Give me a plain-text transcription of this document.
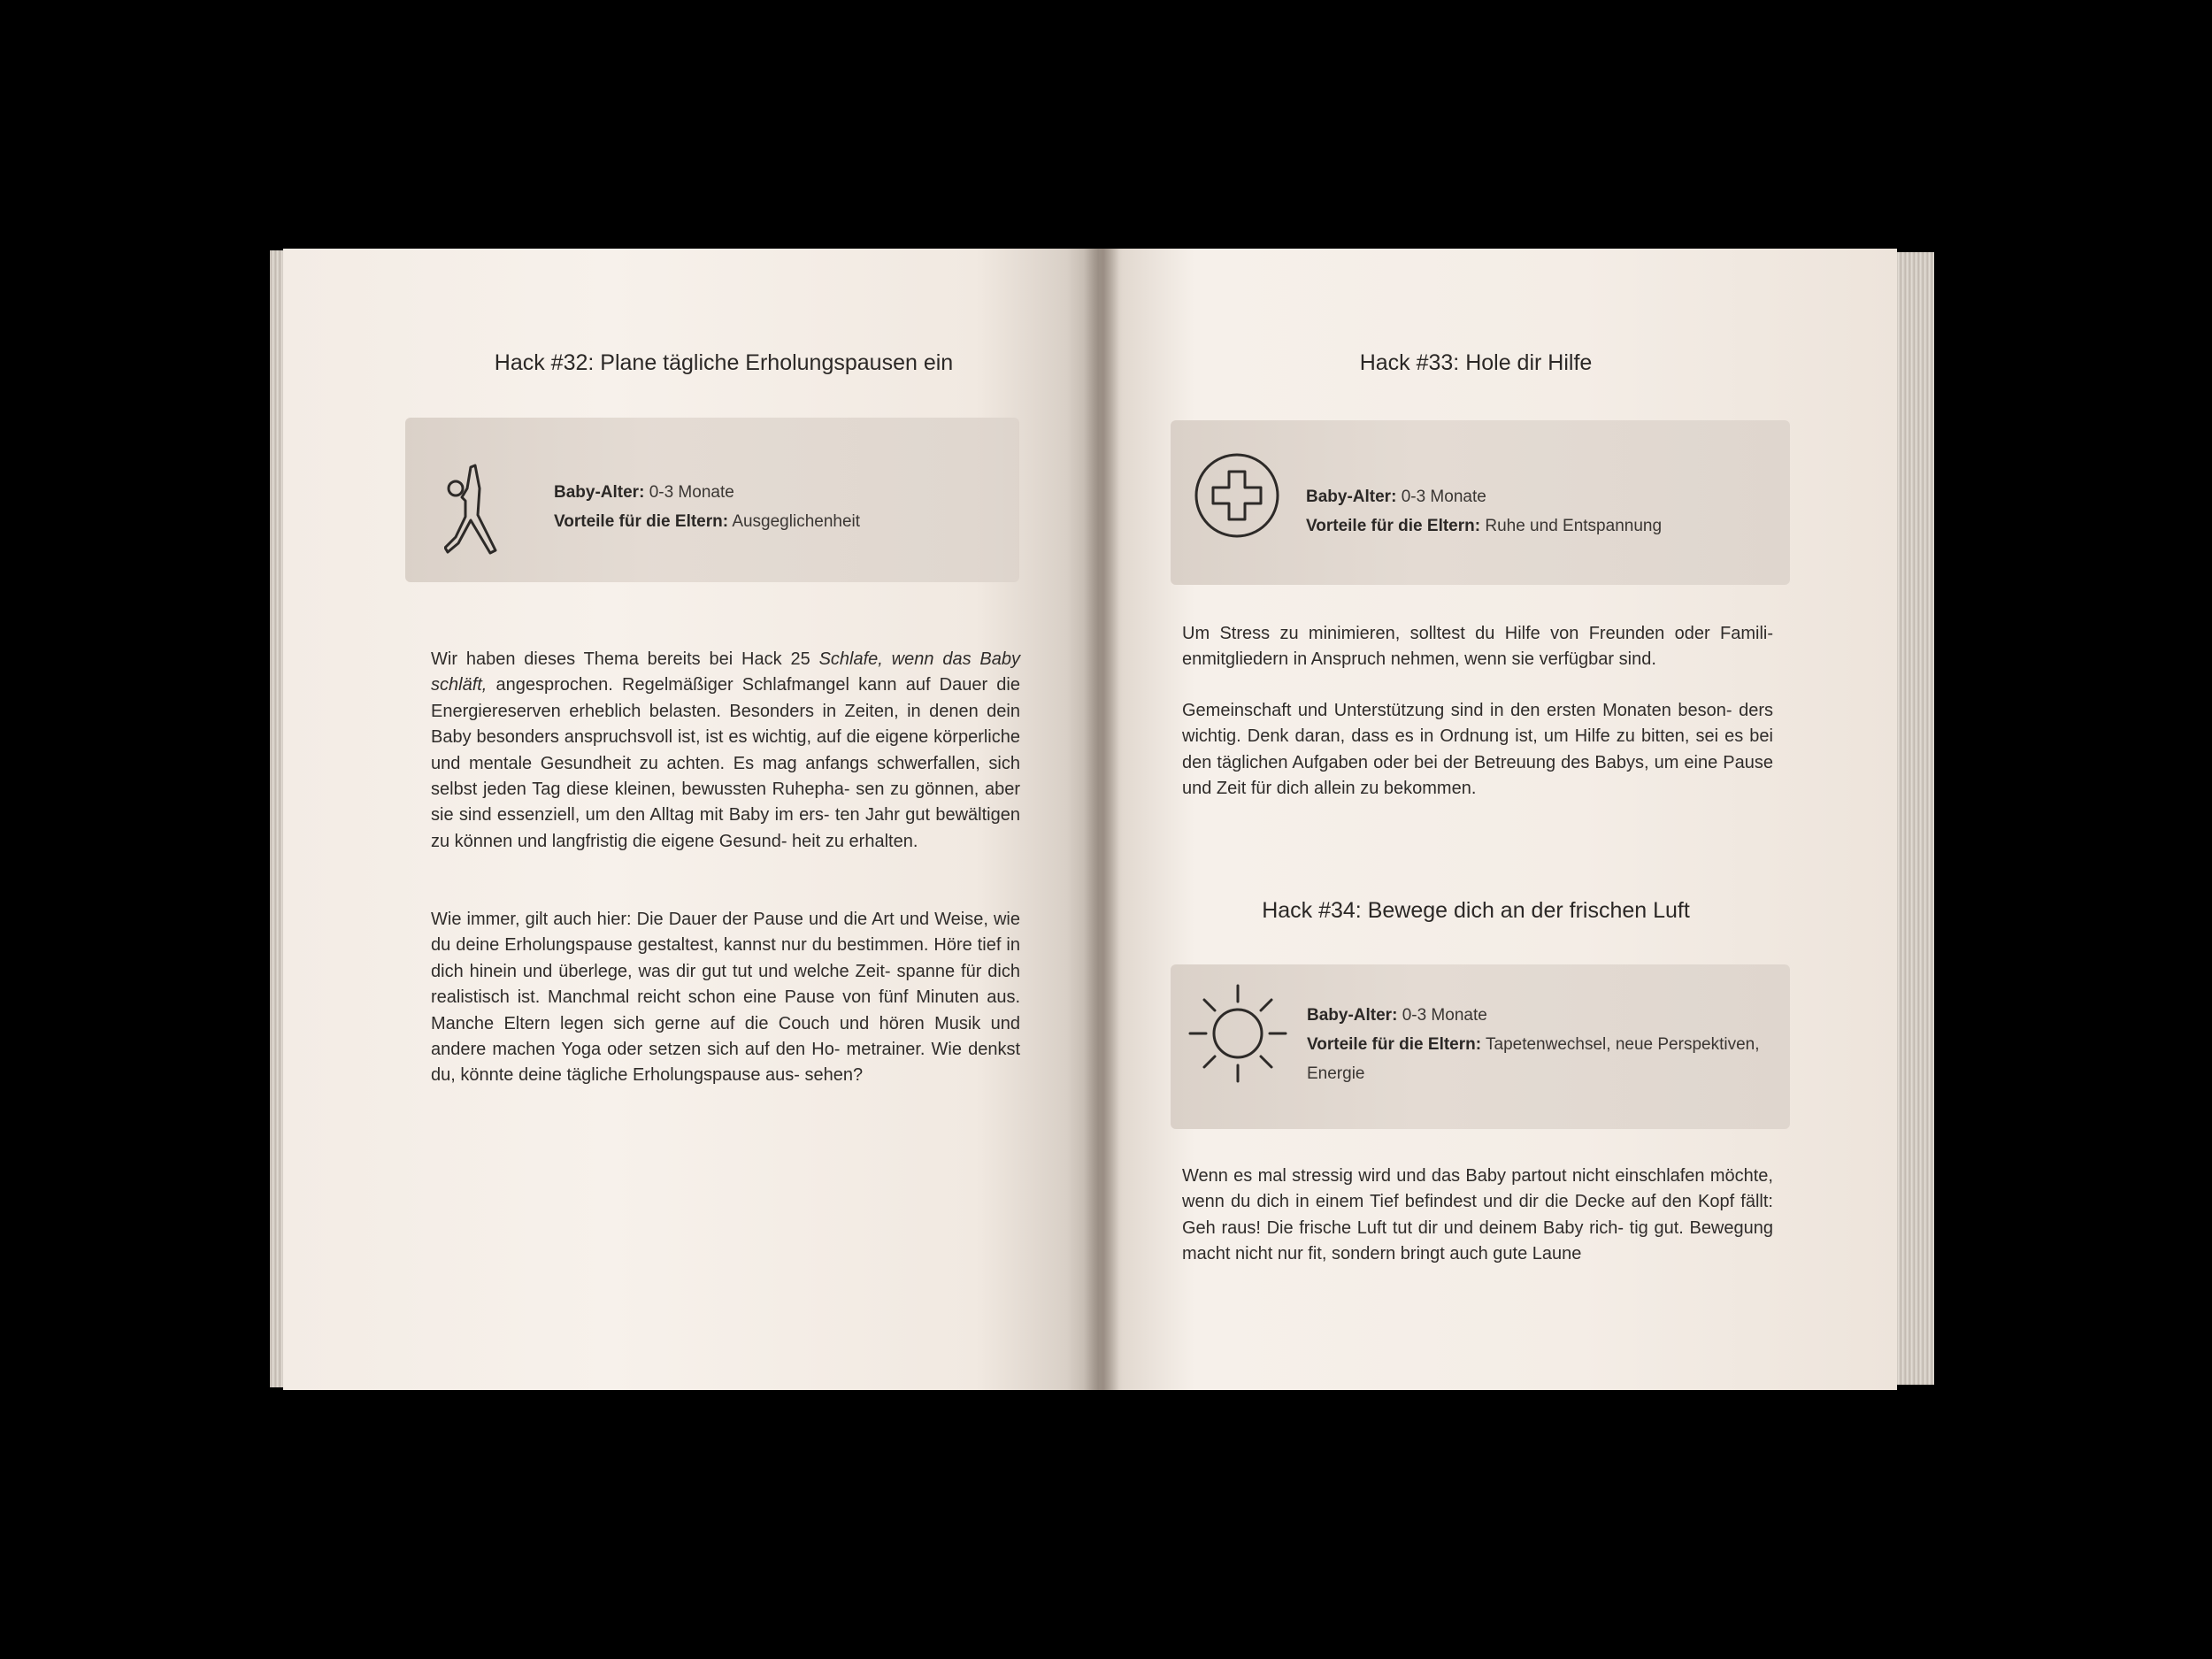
Hack #32: Plane tägliche Erholungspausen ein
Baby-Alter: 0-3 Monate
Vorteile für die Eltern: Ausgeglichenheit

Wir haben dieses Thema bereits bei Hack 25 Schlafe, wenn das Baby schläft, angesprochen. Regelmäßiger Schlafmangel kann auf Dauer die Energiereserven erheblich belasten. Besonders in Zeiten, in denen dein Baby besonders anspruchsvoll ist, ist es wichtig, auf die eigene körperliche und mentale Gesundheit zu achten. Es mag anfangs schwerfallen, sich selbst jeden Tag diese kleinen, bewussten Ruhepha- sen zu gönnen, aber sie sind essenziell, um den Alltag mit Baby im ers- ten Jahr gut bewältigen zu können und langfristig die eigene Gesund- heit zu erhalten.

Wie immer, gilt auch hier: Die Dauer der Pause und die Art und Weise, wie du deine Erholungspause gestaltest, kannst nur du bestimmen. Höre tief in dich hinein und überlege, was dir gut tut und welche Zeit- spanne für dich realistisch ist. Manchmal reicht schon eine Pause von fünf Minuten aus. Manche Eltern legen sich gerne auf die Couch und hören Musik und andere machen Yoga oder setzen sich auf den Ho- metrainer. Wie denkst du, könnte deine tägliche Erholungspause aus- sehen?

Hack #33: Hole dir Hilfe
Baby-Alter: 0-3 Monate
Vorteile für die Eltern: Ruhe und Entspannung

Um Stress zu minimieren, solltest du Hilfe von Freunden oder Famili- enmitgliedern in Anspruch nehmen, wenn sie verfügbar sind.

Gemeinschaft und Unterstützung sind in den ersten Monaten beson- ders wichtig. Denk daran, dass es in Ordnung ist, um Hilfe zu bitten, sei es bei den täglichen Aufgaben oder bei der Betreuung des Babys, um eine Pause und Zeit für dich allein zu bekommen.

Hack #34: Bewege dich an der frischen Luft
Baby-Alter: 0-3 Monate
Vorteile für die Eltern: Tapetenwechsel, neue Perspektiven,
Energie

Wenn es mal stressig wird und das Baby partout nicht einschlafen möchte, wenn du dich in einem Tief befindest und dir die Decke auf den Kopf fällt: Geh raus! Die frische Luft tut dir und deinem Baby rich- tig gut. Bewegung macht nicht nur fit, sondern bringt auch gute Laune
